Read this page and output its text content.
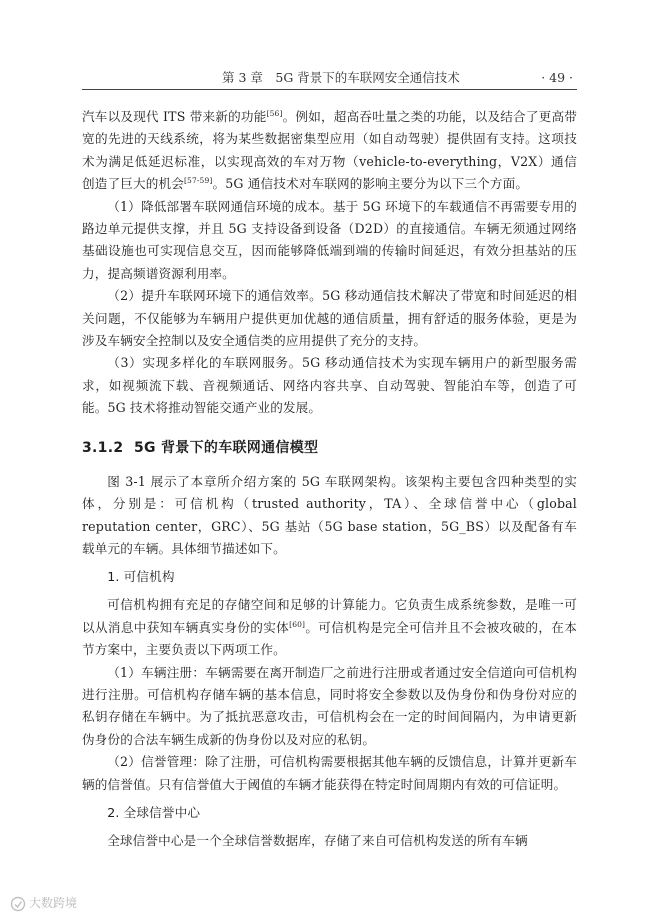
第 3 章　5G 背景下的车联网安全通信技术	· 49 ·

汽车以及现代 ITS 带来新的功能[56]。例如，超高吞吐量之类的功能，以及结合了更高带宽的先进的天线系统，将为某些数据密集型应用（如自动驾驶）提供固有支持。这项技术为满足低延迟标准，以实现高效的车对万物（vehicle-to-everything，V2X）通信创造了巨大的机会[57-59]。5G 通信技术对车联网的影响主要分为以下三个方面。

（1）降低部署车联网通信环境的成本。基于 5G 环境下的车载通信不再需要专用的路边单元提供支撑，并且 5G 支持设备到设备（D2D）的直接通信。车辆无须通过网络基础设施也可实现信息交互，因而能够降低端到端的传输时间延迟，有效分担基站的压力，提高频谱资源利用率。

（2）提升车联网环境下的通信效率。5G 移动通信技术解决了带宽和时间延迟的相关问题，不仅能够为车辆用户提供更加优越的通信质量，拥有舒适的服务体验，更是为涉及车辆安全控制以及安全通信类的应用提供了充分的支持。

（3）实现多样化的车联网服务。5G 移动通信技术为实现车辆用户的新型服务需求，如视频流下载、音视频通话、网络内容共享、自动驾驶、智能泊车等，创造了可能。5G 技术将推动智能交通产业的发展。

3.1.2 5G 背景下的车联网通信模型

图 3-1 展示了本章所介绍方案的 5G 车联网架构。该架构主要包含四种类型的实体，分别是：可信机构（trusted authority，TA）、全球信誉中心（global reputation center，GRC）、5G 基站（5G base station，5G_BS）以及配备有车载单元的车辆。具体细节描述如下。

1. 可信机构

可信机构拥有充足的存储空间和足够的计算能力。它负责生成系统参数，是唯一可以从消息中获知车辆真实身份的实体[60]。可信机构是完全可信并且不会被攻破的，在本节方案中，主要负责以下两项工作。

（1）车辆注册：车辆需要在离开制造厂之前进行注册或者通过安全信道向可信机构进行注册。可信机构存储车辆的基本信息，同时将安全参数以及伪身份和伪身份对应的私钥存储在车辆中。为了抵抗恶意攻击，可信机构会在一定的时间间隔内，为申请更新伪身份的合法车辆生成新的伪身份以及对应的私钥。

（2）信誉管理：除了注册，可信机构需要根据其他车辆的反馈信息，计算并更新车辆的信誉值。只有信誉值大于阈值的车辆才能获得在特定时间周期内有效的可信证明。

2. 全球信誉中心

全球信誉中心是一个全球信誉数据库，存储了来自可信机构发送的所有车辆

大数跨境
